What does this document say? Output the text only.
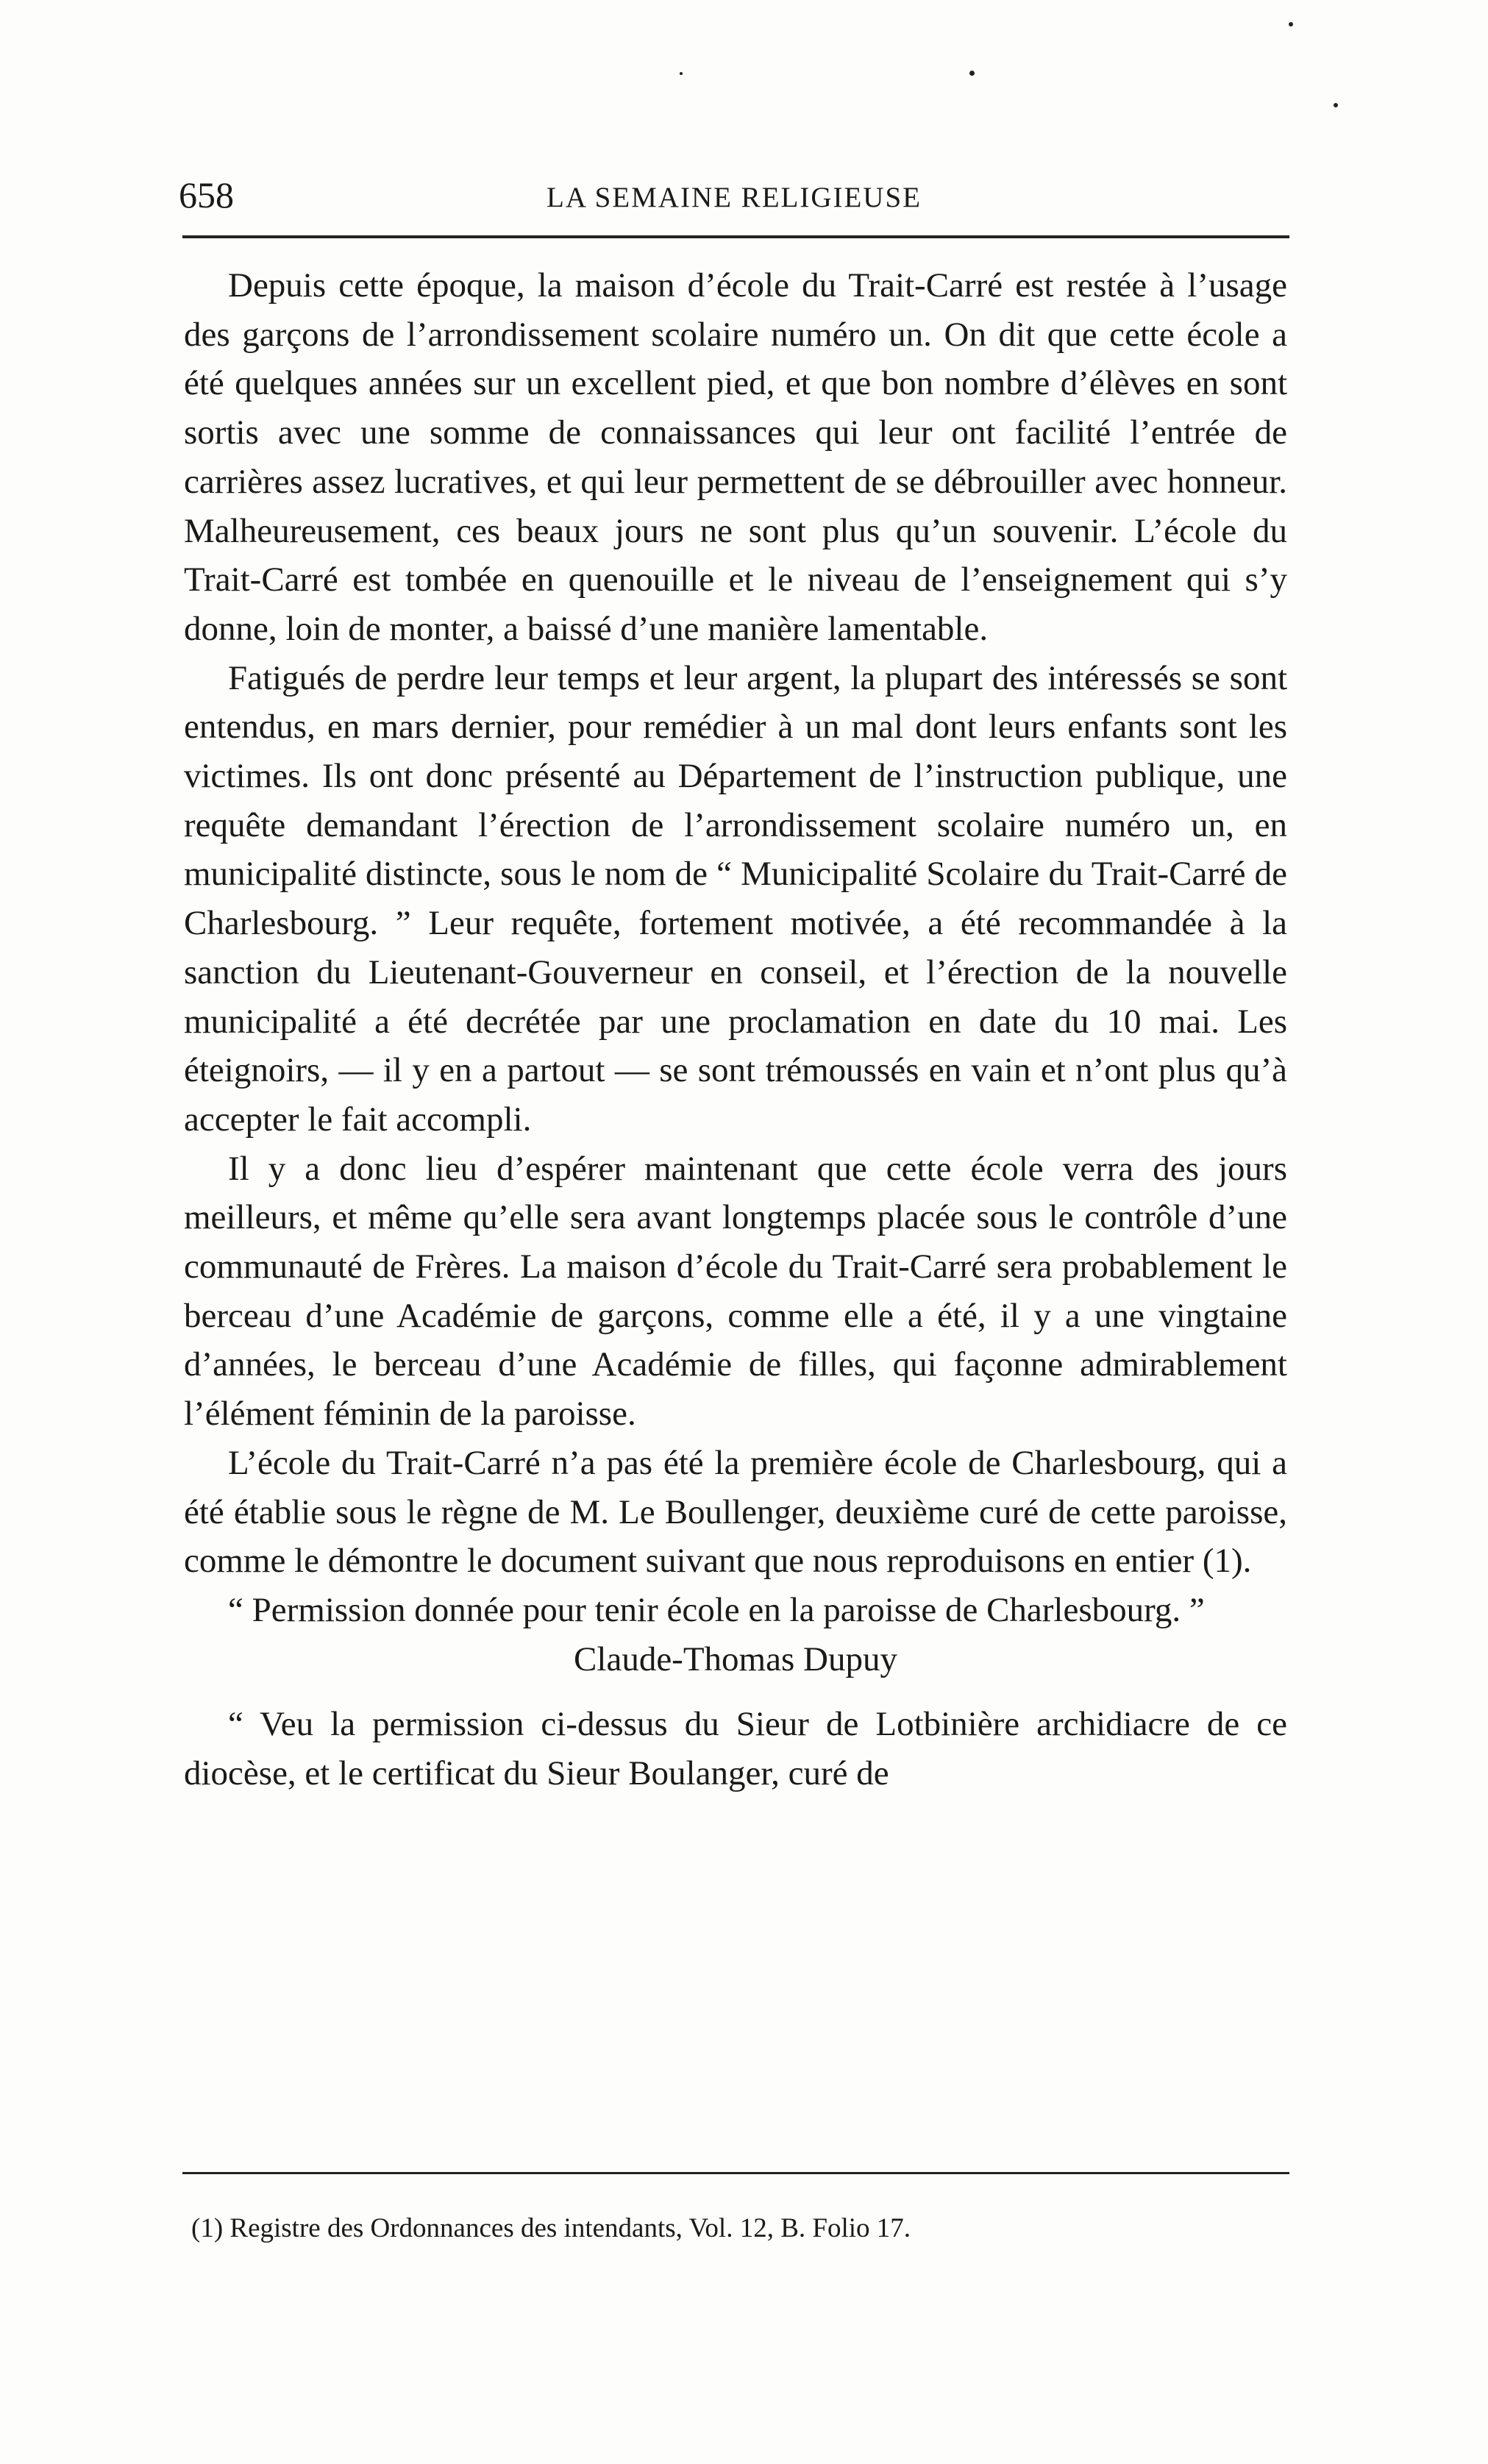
658	LA SEMAINE RELIGIEUSE

Depuis cette époque, la maison d’école du Trait-Carré est restée à l’usage des garçons de l’arrondissement scolaire numéro un. On dit que cette école a été quelques années sur un excellent pied, et que bon nombre d’élèves en sont sortis avec une somme de connaissances qui leur ont facilité l’entrée de carrières assez lucratives, et qui leur permettent de se débrouiller avec honneur. Malheureusement, ces beaux jours ne sont plus qu’un souvenir. L’école du Trait-Carré est tombée en quenouille et le niveau de l’enseignement qui s’y donne, loin de monter, a baissé d’une manière lamentable.

Fatigués de perdre leur temps et leur argent, la plupart des intéressés se sont entendus, en mars dernier, pour remédier à un mal dont leurs enfants sont les victimes. Ils ont donc présenté au Département de l’instruction publique, une requête demandant l’érection de l’arrondissement scolaire numéro un, en municipalité distincte, sous le nom de “ Municipalité Scolaire du Trait-Carré de Charlesbourg. ” Leur requête, fortement motivée, a été recommandée à la sanction du Lieutenant-Gouverneur en conseil, et l’érection de la nouvelle municipalité a été decrétée par une proclamation en date du 10 mai. Les éteignoirs, — il y en a partout — se sont trémoussés en vain et n’ont plus qu’à accepter le fait accompli.

Il y a donc lieu d’espérer maintenant que cette école verra des jours meilleurs, et même qu’elle sera avant longtemps placée sous le contrôle d’une communauté de Frères. La maison d’école du Trait-Carré sera probablement le berceau d’une Académie de garçons, comme elle a été, il y a une vingtaine d’années, le berceau d’une Académie de filles, qui façonne admirablement l’élément féminin de la paroisse.

L’école du Trait-Carré n’a pas été la première école de Charlesbourg, qui a été établie sous le règne de M. Le Boullenger, deuxième curé de cette paroisse, comme le démontre le document suivant que nous reproduisons en entier (1).

“ Permission donnée pour tenir école en la paroisse de Charlesbourg. ”

Claude-Thomas Dupuy

“ Veu la permission ci-dessus du Sieur de Lotbinière archidiacre de ce diocèse, et le certificat du Sieur Boulanger, curé de

(1) Registre des Ordonnances des intendants, Vol. 12, B. Folio 17.
